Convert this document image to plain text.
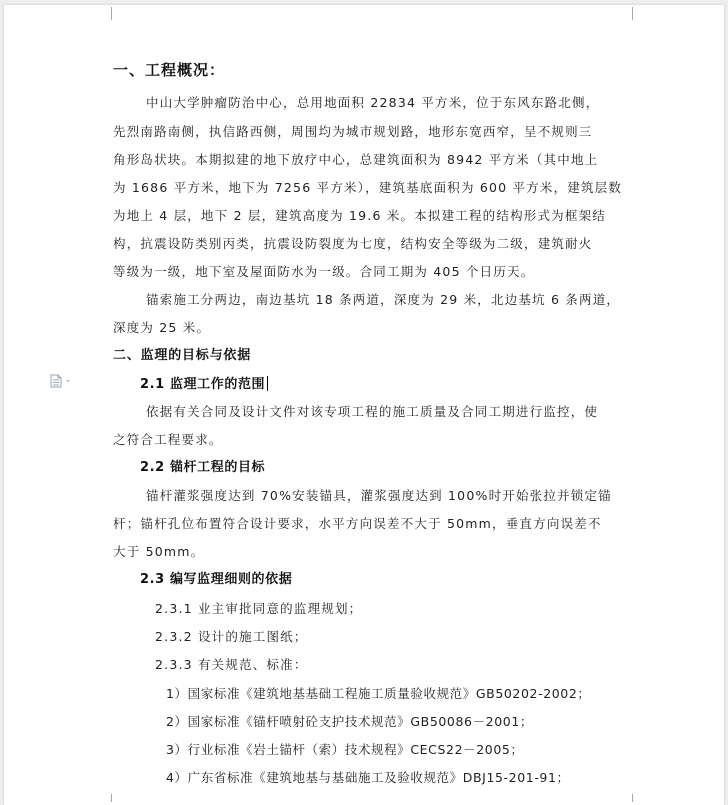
一、工程概况：
中山大学肿瘤防治中心，总用地面积 22834 平方米，位于东风东路北侧，
先烈南路南侧，执信路西侧，周围均为城市规划路，地形东宽西窄，呈不规则三
角形岛状块。本期拟建的地下放疗中心，总建筑面积为 8942 平方米（其中地上
为 1686 平方米，地下为 7256 平方米），建筑基底面积为 600 平方米，建筑层数
为地上 4 层，地下 2 层，建筑高度为 19.6 米。本拟建工程的结构形式为框架结
构，抗震设防类别丙类，抗震设防裂度为七度，结构安全等级为二级，建筑耐火
等级为一级，地下室及屋面防水为一级。合同工期为 405 个日历天。
锚索施工分两边，南边基坑 18 条两道，深度为 29 米，北边基坑 6 条两道，
深度为 25 米。
二、监理的目标与依据
2.1 监理工作的范围
依据有关合同及设计文件对该专项工程的施工质量及合同工期进行监控，使
之符合工程要求。
2.2 锚杆工程的目标
锚杆灌浆强度达到 70%安装锚具，灌浆强度达到 100%时开始张拉并锁定锚
杆；锚杆孔位布置符合设计要求，水平方向误差不大于 50mm，垂直方向误差不
大于 50mm。
2.3 编写监理细则的依据
2.3.1 业主审批同意的监理规划；
2.3.2 设计的施工图纸；
2.3.3 有关规范、标准：
1）国家标准《建筑地基基础工程施工质量验收规范》GB50202-2002；
2）国家标准《锚杆喷射砼支护技术规范》GB50086－2001；
3）行业标准《岩土锚杆（索）技术规程》CECS22－2005；
4）广东省标准《建筑地基与基础施工及验收规范》DBJ15-201-91；
